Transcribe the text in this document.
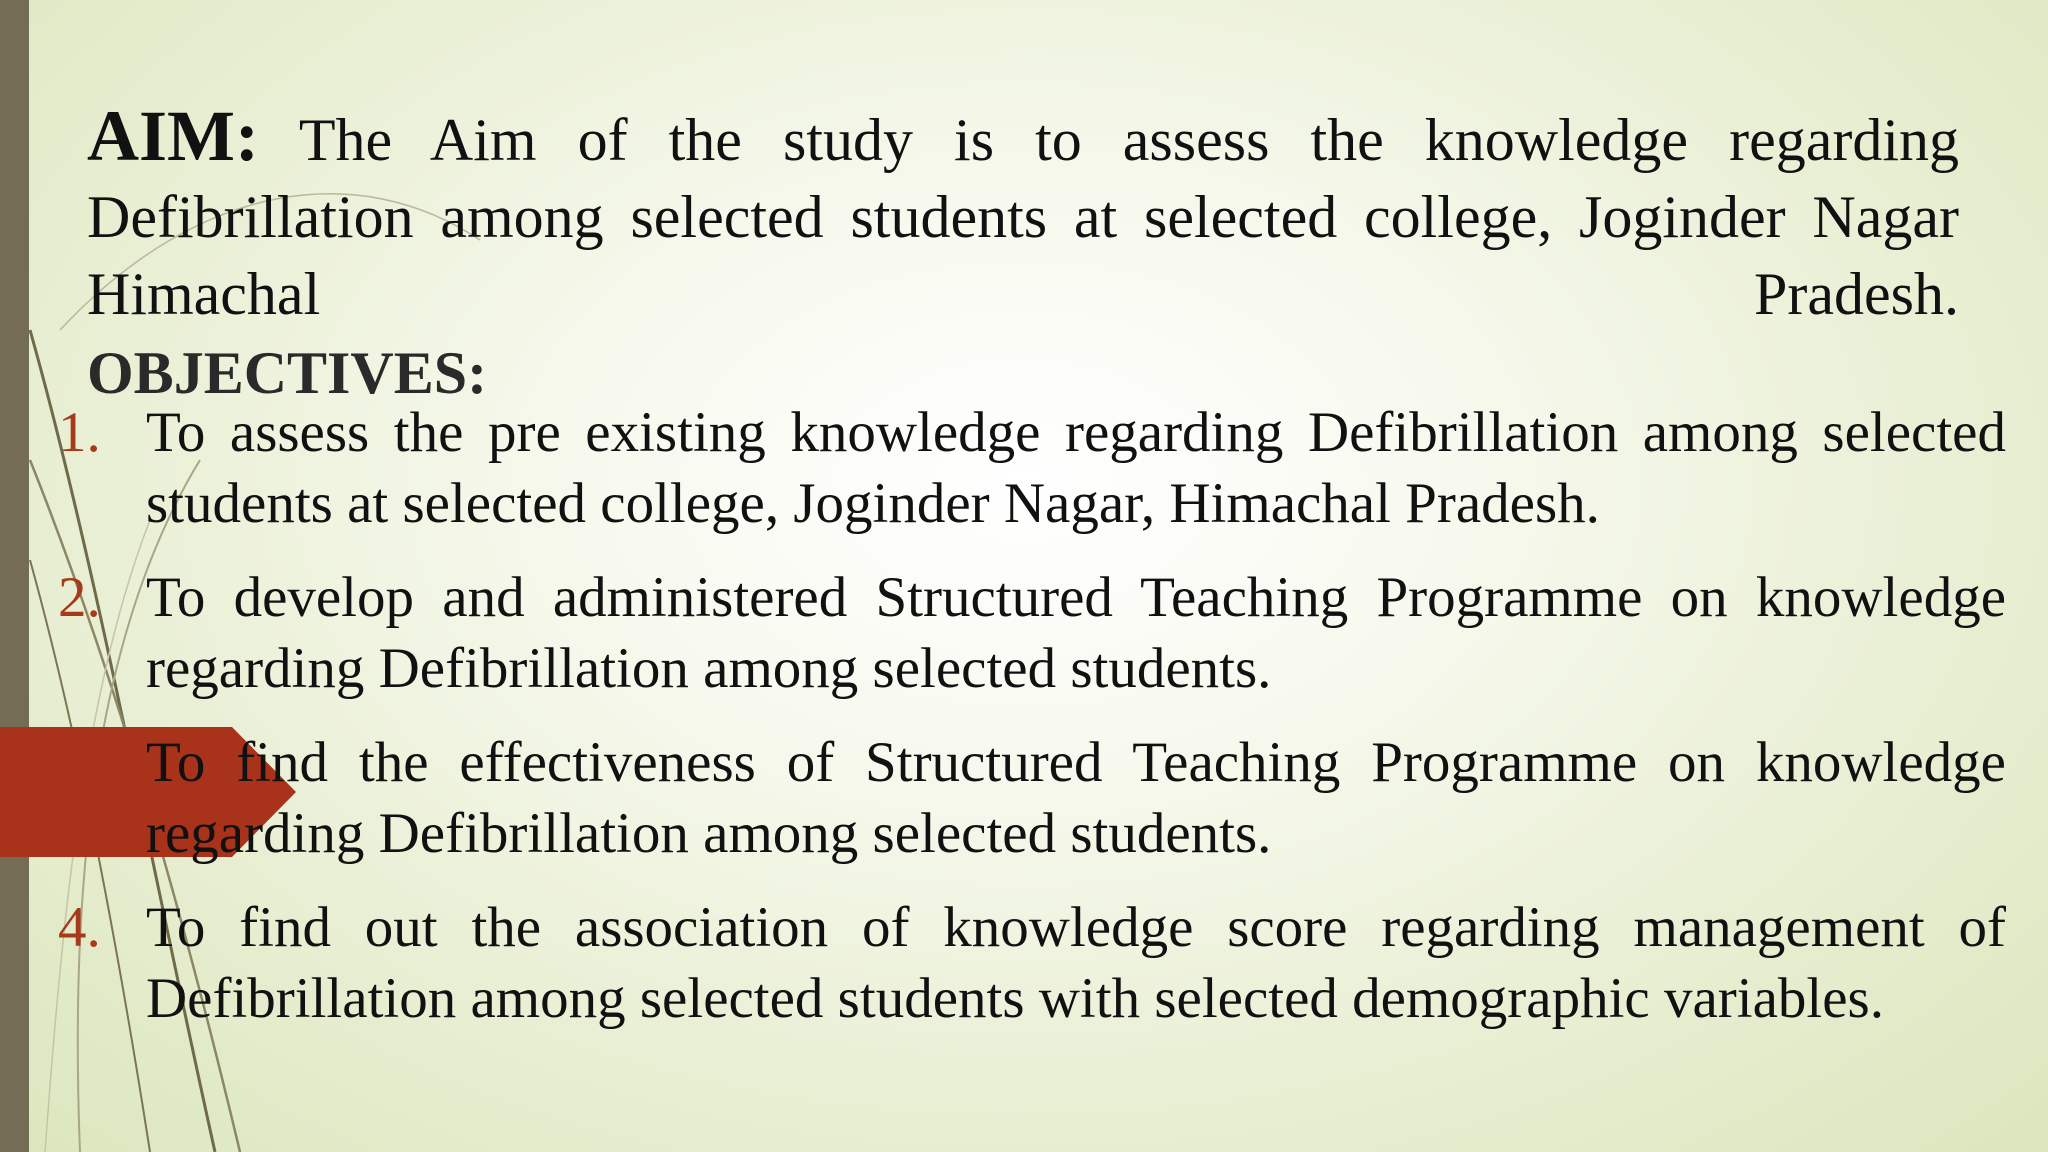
AIM: The Aim of the study is to assess the knowledge regarding Defibrillation among selected students at selected college, Joginder Nagar Himachal Pradesh.
OBJECTIVES:
1. To assess the pre existing knowledge regarding Defibrillation among selected students at selected college, Joginder Nagar, Himachal Pradesh.
2. To develop and administered Structured Teaching Programme on knowledge regarding Defibrillation among selected students.
3. To find the effectiveness of Structured Teaching Programme on knowledge regarding Defibrillation among selected students.
4. To find out the association of knowledge score regarding management of Defibrillation among selected students with selected demographic variables.
